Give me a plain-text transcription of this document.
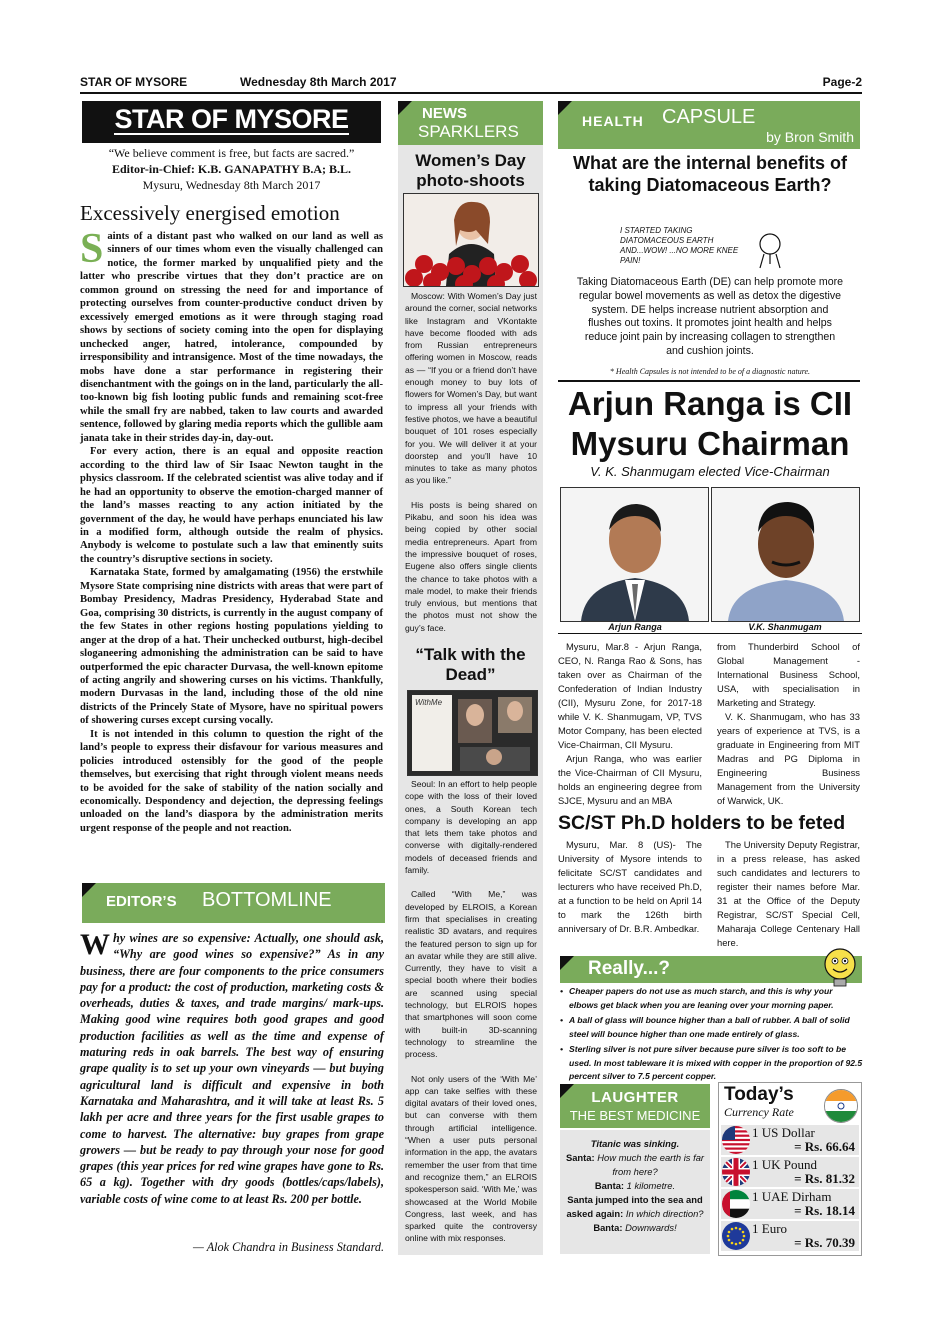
STAR OF MYSORE	Wednesday 8th March 2017	Page-2
STAR OF MYSORE
“We believe comment is free, but facts are sacred.”
Editor-in-Chief: K.B. GANAPATHY B.A; B.L.
Mysuru, Wednesday 8th March 2017
Excessively energised emotion

Saints of a distant past who walked on our land as well as sinners of our times whom even the visually challenged can notice, the former marked by unqualified piety and the latter who prescribe virtues that they don’t practice are on common ground on stressing the need for and importance of protecting ourselves from counter-productive conduct driven by excessively emerged emotions as it were through staging road shows by sections of society coming into the open for displaying unchecked anger, hatred, intolerance, compounded by irresponsibility and intransigence. Most of the time nowadays, the mobs have done a star performance in registering their disenchantment with the goings on in the land, particularly the all-too-known big fish looting public funds and remaining scot-free while the small fry are nabbed, taken to law courts and awarded sentence, followed by glaring media reports which the gullible aam janata take in their strides day-in, day-out.

For every action, there is an equal and opposite reaction according to the third law of Sir Isaac Newton taught in the physics classroom. If the celebrated scientist was alive today and if he had an opportunity to observe the emotion-charged manner of the land’s masses reacting to any action initiated by the government of the day, he would have perhaps enunciated his law in a modified form, although outside the realm of physics. Anybody is welcome to postulate such a law that eminently suits the country’s disruptive sections in society.

Karnataka State, formed by amalgamating (1956) the erstwhile Mysore State comprising nine districts with areas that were part of Bombay Presidency, Madras Presidency, Hyderabad State and Goa, comprising 30 districts, is currently in the august company of the few States in other regions hosting populations yielding to anger at the drop of a hat. Their unchecked outburst, high-decibel sloganeering admonishing the administration can be said to have outperformed the epic character Durvasa, the well-known epitome of acting angrily and showering curses on his victims. Thankfully, modern Durvasas in the land, including those of the old nine districts of the Princely State of Mysore, have no spiritual powers of showering curses except cursing vocally.

It is not intended in this column to question the right of the land’s people to express their disfavour for various measures and policies introduced ostensibly for the good of the people themselves, but exercising that right through violent means needs to be avoided for the sake of stability of the nation socially and economically. Despondency and dejection, the depressing feelings unloaded on the land’s diaspora by the administration merits urgent response of the people and not reaction.

EDITOR’S BOTTOMLINE
Why wines are so expensive: Actually, one should ask, “Why are good wines so expensive?” As in any business, there are four components to the price consumers pay for a product: the cost of production, marketing costs & overheads, duties & taxes, and trade margins/ mark-ups. Making good wine requires both good grapes and good production facilities as well as the time and expense of maturing reds in oak barrels. The best way of ensuring grape quality is to set up your own vineyards — but buying agricultural land is difficult and expensive in both Karnataka and Maharashtra, and it will take at least Rs. 5 lakh per acre and three years for the first usable grapes to come to harvest. The alternative: buy grapes from grape growers — but be ready to pay through your nose for good grapes (this year prices for red wine grapes have gone to Rs. 65 a kg). Together with dry goods (bottles/caps/labels), variable costs of wine come to at least Rs. 200 per bottle.
— Alok Chandra in Business Standard.
NEWS
SPARKLERS
Women’s Day photo-shoots

Moscow: With Women’s Day just around the corner, social networks like Instagram and VKontakte have become flooded with ads from Russian entrepreneurs offering women in Moscow, reads as — “If you or a friend don’t have enough money to buy lots of flowers for Women’s Day, but want to impress all your friends with festive photos, we have a beautiful bouquet of 101 roses especially for you. We will deliver it at your doorstep and you’ll have 10 minutes to take as many photos as you like.”

His posts is being shared on Pikabu, and soon his idea was being copied by other social media entrepreneurs. Apart from the impressive bouquet of roses, Eugene also offers single clients the chance to take photos with a male model, to make their friends truly envious, but mentions that the photos must not show the guy’s face.

“Talk with the Dead”
WithMe

Seoul: In an effort to help people cope with the loss of their loved ones, a South Korean tech company is developing an app that lets them take photos and converse with digitally-rendered models of deceased friends and family.

Called “With Me,” was developed by ELROIS, a Korean firm that specialises in creating realistic 3D avatars, and requires the featured person to sign up for an avatar while they are still alive. Currently, they have to visit a special booth where their bodies are scanned using special technology, but ELROIS hopes that smartphones will soon come with built-in 3D-scanning technology to streamline the process.

Not only users of the ‘With Me’ app can take selfies with these digital avatars of their loved ones, but can converse with them through artificial intelligence. “When a user puts personal information in the app, the avatars remember the user from that time and recognize them,” an ELROIS spokesperson said. ‘With Me,’ was showcased at the World Mobile Congress, last week, and has sparked quite the controversy online with mix responses.

HEALTH CAPSULE
by Bron Smith
What are the internal benefits of taking Diatomaceous Earth?
I STARTED TAKING DIATOMACEOUS EARTH AND...WOW! ...NO MORE KNEE PAIN!
Taking Diatomaceous Earth (DE) can help promote more regular bowel movements as well as detox the digestive system. DE helps increase nutrient absorption and flushes out toxins. It promotes joint health and helps reduce joint pain by increasing collagen to strengthen and cushion joints.
* Health Capsules is not intended to be of a diagnostic nature.
Arjun Ranga is CII Mysuru Chairman
V. K. Shanmugam elected Vice-Chairman
Arjun Ranga	V.K. Shanmugam

Mysuru, Mar.8 - Arjun Ranga, CEO, N. Ranga Rao & Sons, has taken over as Chairman of the Confederation of Indian Industry (CII), Mysuru Zone, for 2017-18 while V. K. Shanmugam, VP, TVS Motor Company, has been elected Vice-Chairman, CII Mysuru.

Arjun Ranga, who was earlier the Vice-Chairman of CII Mysuru, holds an engineering degree from SJCE, Mysuru and an MBA

from Thunderbird School of Global Management - International Business School, USA, with specialisation in Marketing and Strategy.

V. K. Shanmugam, who has 33 years of experience at TVS, is a graduate in Engineering from MIT Madras and PG Diploma in Engineering Business Management from the University of Warwick, UK.

SC/ST Ph.D holders to be feted

Mysuru, Mar. 8 (US)- The University of Mysore intends to felicitate SC/ST candidates and lecturers who have received Ph.D, at a function to be held on April 14 to mark the 126th birth anniversary of Dr. B.R. Ambedkar.

The University Deputy Registrar, in a press release, has asked such candidates and lecturers to register their names before Mar. 31 at the Office of the Deputy Registrar, SC/ST Special Cell, Maharaja College Centenary Hall here.

Really...?
• Cheaper papers do not use as much starch, and this is why your elbows get black when you are leaning over your morning paper.
• A ball of glass will bounce higher than a ball of rubber. A ball of solid steel will bounce higher than one made entirely of glass.
• Sterling silver is not pure silver because pure silver is too soft to be used. In most tableware it is mixed with copper in the proportion of 92.5 percent silver to 7.5 percent copper.
LAUGHTER
THE BEST MEDICINE
Titanic was sinking.
Santa: How much the earth is far from here?
Banta: 1 kilometre.
Santa jumped into the sea and asked again: In which direction?
Banta: Downwards!
Today’s
Currency Rate
1 US Dollar
= Rs. 66.64
1 UK Pound
= Rs. 81.32
1 UAE Dirham
= Rs. 18.14
1 Euro
= Rs. 70.39
